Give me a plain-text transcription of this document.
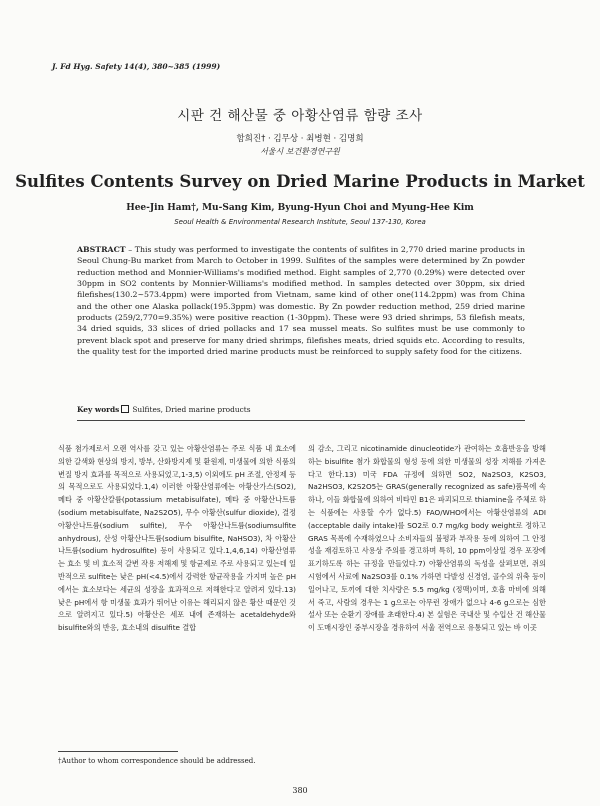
J. Fd Hyg. Safety 14(4), 380~385 (1999)
시판 건 해산물 중 아황산염류 함량 조사
함희진† · 김무상 · 최병현 · 김명희
서울시 보건환경연구원
Sulfites Contents Survey on Dried Marine Products in Market
Hee-Jin Ham†, Mu-Sang Kim, Byung-Hyun Choi and Myung-Hee Kim
Seoul Health & Environmental Research Institute, Seoul 137-130, Korea
ABSTRACT – This study was performed to investigate the contents of sulfites in 2,770 dried marine products in Seoul Chung-Bu market from March to October in 1999. Sulfites of the samples were determined by Zn powder reduction method and Monnier-Williams's modified method. Eight samples of 2,770 (0.29%) were detected over 30ppm in SO2 contents by Monnier-Williams's modified method. In samples detected over 30ppm, six dried filefishes(130.2~573.4ppm) were imported from Vietnam, same kind of other one(114.2ppm) was from China and the other one Alaska pollack(195.3ppm) was domestic. By Zn powder reduction method, 259 dried marine products (259/2,770=9.35%) were positive reaction (1-30ppm). These were 93 dried shrimps, 53 filefish meats, 34 dried squids, 33 slices of dried pollacks and 17 sea mussel meats. So sulfites must be use commonly to prevent black spot and preserve for many dried shrimps, filefishes meats, dried squids etc. According to results, the quality test for the imported dried marine products must be reinforced to supply safety food for the citizens.
Key words Sulfites, Dried marine products

식품 첨가제로서 오랜 역사를 갖고 있는 아황산염류는 주로 식품 내 효소에 의한 갈색화 현상의 방지, 방부, 산화방지제 및 환원제, 미생물에 의한 식품의 변질 방지 효과를 목적으로 사용되었고,1-3,5) 이외에도 pH 조절, 안정제 등의 목적으로도 사용되었다.1,4) 이러한 아황산염류에는 아황산가스(SO2), 메타 중 아황산칼륨(potassium metabisulfate), 메타 중 아황산나트륨(sodium metabisulfate, Na2S2O5), 무수 아황산(sulfur dioxide), 결정 아황산나트륨(sodium sulfite), 무수 아황산나트륨(sodiumsulfite anhydrous), 산성 아황산나트륨(sodium bisulfite, NaHSO3), 차 아황산나트륨(sodium hydrosulfite) 등이 사용되고 있다.1,4,6,14) 아황산염류는 효소 및 비 효소적 갈변 작용 저해제 및 항균제로 주로 사용되고 있는데 일반적으로 sulfite는 낮은 pH(<4.5)에서 강력한 항균작용을 가지며 높은 pH에서는 효소보다는 세균의 성장을 효과적으로 저해한다고 알려져 있다.13) 낮은 pH에서 항 미생물 효과가 뛰어난 이유는 해리되지 않은 황산 때문인 것으로 알려지고 있다.5) 아황산은 세포 내에 존재하는 acetaldehyde와 bisulfite와의 반응, 효소내의 disulfite 결합

의 감소, 그리고 nicotinamide dinucleotide가 관여하는 호흡반응을 방해하는 bisulfite 첨가 화합물의 형성 등에 의한 미생물의 성장 저해를 가져온다고 한다.13) 미국 FDA 규정에 의하면 SO2, Na2SO3, K2SO3, Na2HSO3, K2S2O5는 GRAS(generally recognized as safe)품목에 속하나, 이들 화합물에 의하여 비타민 B1은 파괴되므로 thiamine을 주체로 하는 식품에는 사용할 수가 없다.5) FAO/WHO에서는 아황산염류의 ADI (acceptable daily intake)를 SO2로 0.7 mg/kg body weight로 정하고 GRAS 목록에 수재하였으나 소비자들의 불평과 부작용 등에 의하여 그 안정성을 재검토하고 사용상 주의를 경고하며 특히, 10 ppm이상일 경우 포장에 표기하도록 하는 규정을 만들었다.7) 아황산염류의 독성을 살펴보면, 쥐의 시험에서 사료에 Na2SO3를 0.1% 가하면 다발성 신경염, 골수의 위축 등이 일어나고, 토끼에 대한 치사량은 5.5 mg/kg (정맥)이며, 호흡 마비에 의해서 죽고, 사람의 경우는 1 g으로는 아무런 장애가 없으나 4-6 g으로는 심한 설사 또는 순환기 장애를 초래한다.4) 본 실험은 국내산 및 수입산 건 해산물이 도매시장인 중부시장을 경유하여 서울 전역으로 유통되고 있는 바 이곳

†Author to whom correspondence should be addressed.
380
